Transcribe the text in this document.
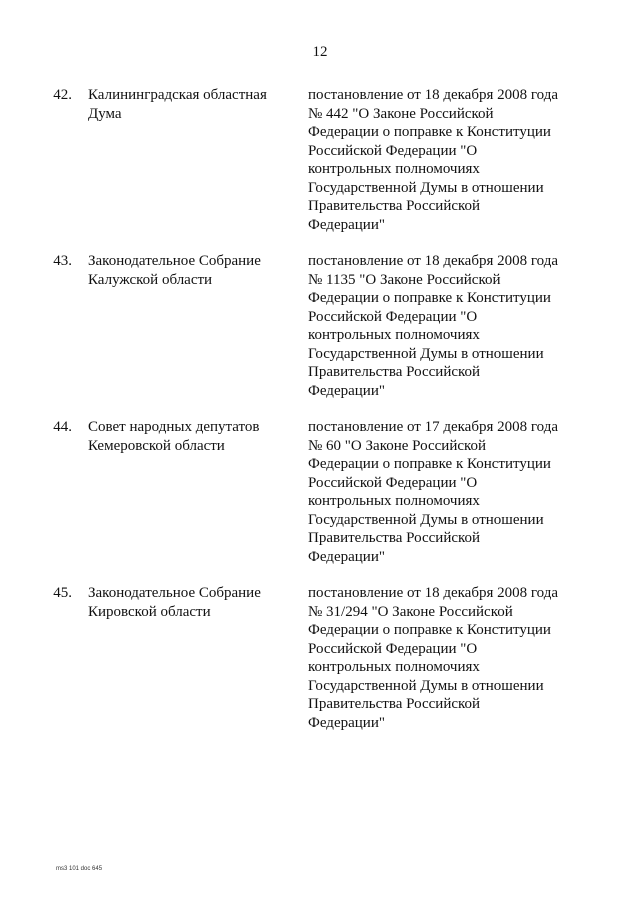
12
42. Калининградская областная Дума
постановление от 18 декабря 2008 года
№ 442 "О Законе Российской
Федерации о поправке к Конституции
Российской Федерации "О
контрольных полномочиях
Государственной Думы в отношении
Правительства Российской
Федерации"
43. Законодательное Собрание Калужской области
постановление от 18 декабря 2008 года
№ 1135 "О Законе Российской
Федерации о поправке к Конституции
Российской Федерации "О
контрольных полномочиях
Государственной Думы в отношении
Правительства Российской
Федерации"
44. Совет народных депутатов Кемеровской области
постановление от 17 декабря 2008 года
№ 60 "О Законе Российской
Федерации о поправке к Конституции
Российской Федерации "О
контрольных полномочиях
Государственной Думы в отношении
Правительства Российской
Федерации"
45. Законодательное Собрание Кировской области
постановление от 18 декабря 2008 года
№ 31/294 "О Законе Российской
Федерации о поправке к Конституции
Российской Федерации "О
контрольных полномочиях
Государственной Думы в отношении
Правительства Российской
Федерации"
ms3 101 doc 645
